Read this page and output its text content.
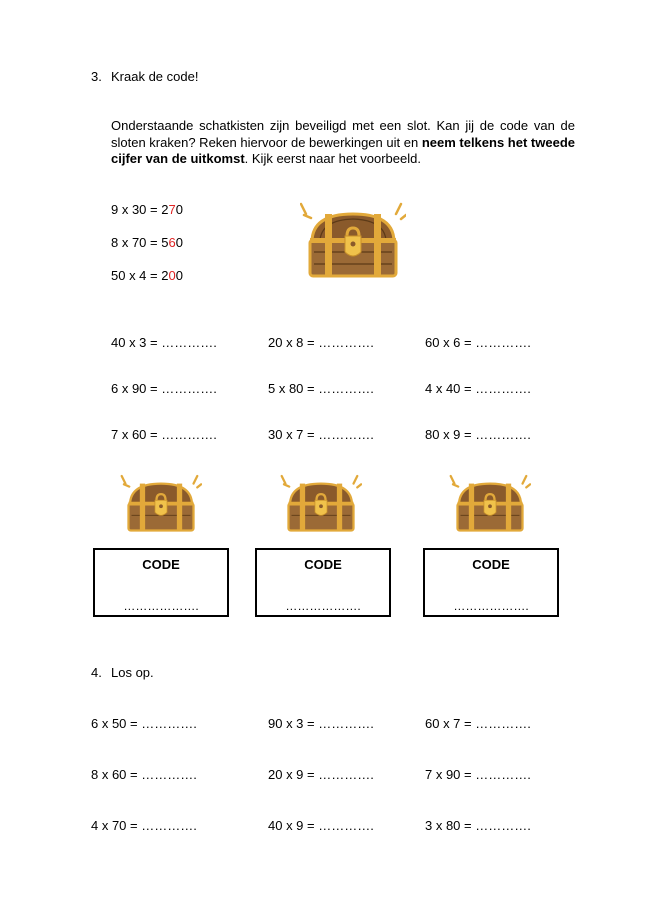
3. Kraak de code!
Onderstaande schatkisten zijn beveiligd met een slot. Kan jij de code van de sloten kraken? Reken hiervoor de bewerkingen uit en neem telkens het tweede cijfer van de uitkomst. Kijk eerst naar het voorbeeld.
9 x 30 = 270
8 x 70 = 560
50 x 4 = 200
40 x 3 = ………….	20 x 8 = ………….	60 x 6 = ………….
6 x 90 = ………….	5 x 80 = ………….	4 x 40 = ………….
7 x 60 = ………….	30 x 7 = ………….	80 x 9 = ………….
CODE
……………….
CODE
……………….
CODE
……………….
4. Los op.
6 x 50 = ………….	90 x 3 = ………….	60 x 7 = ………….
8 x 60 = ………….	20 x 9 = ………….	7 x 90 = ………….
4 x 70 = ………….	40 x 9 = ………….	3 x 80 = ………….
